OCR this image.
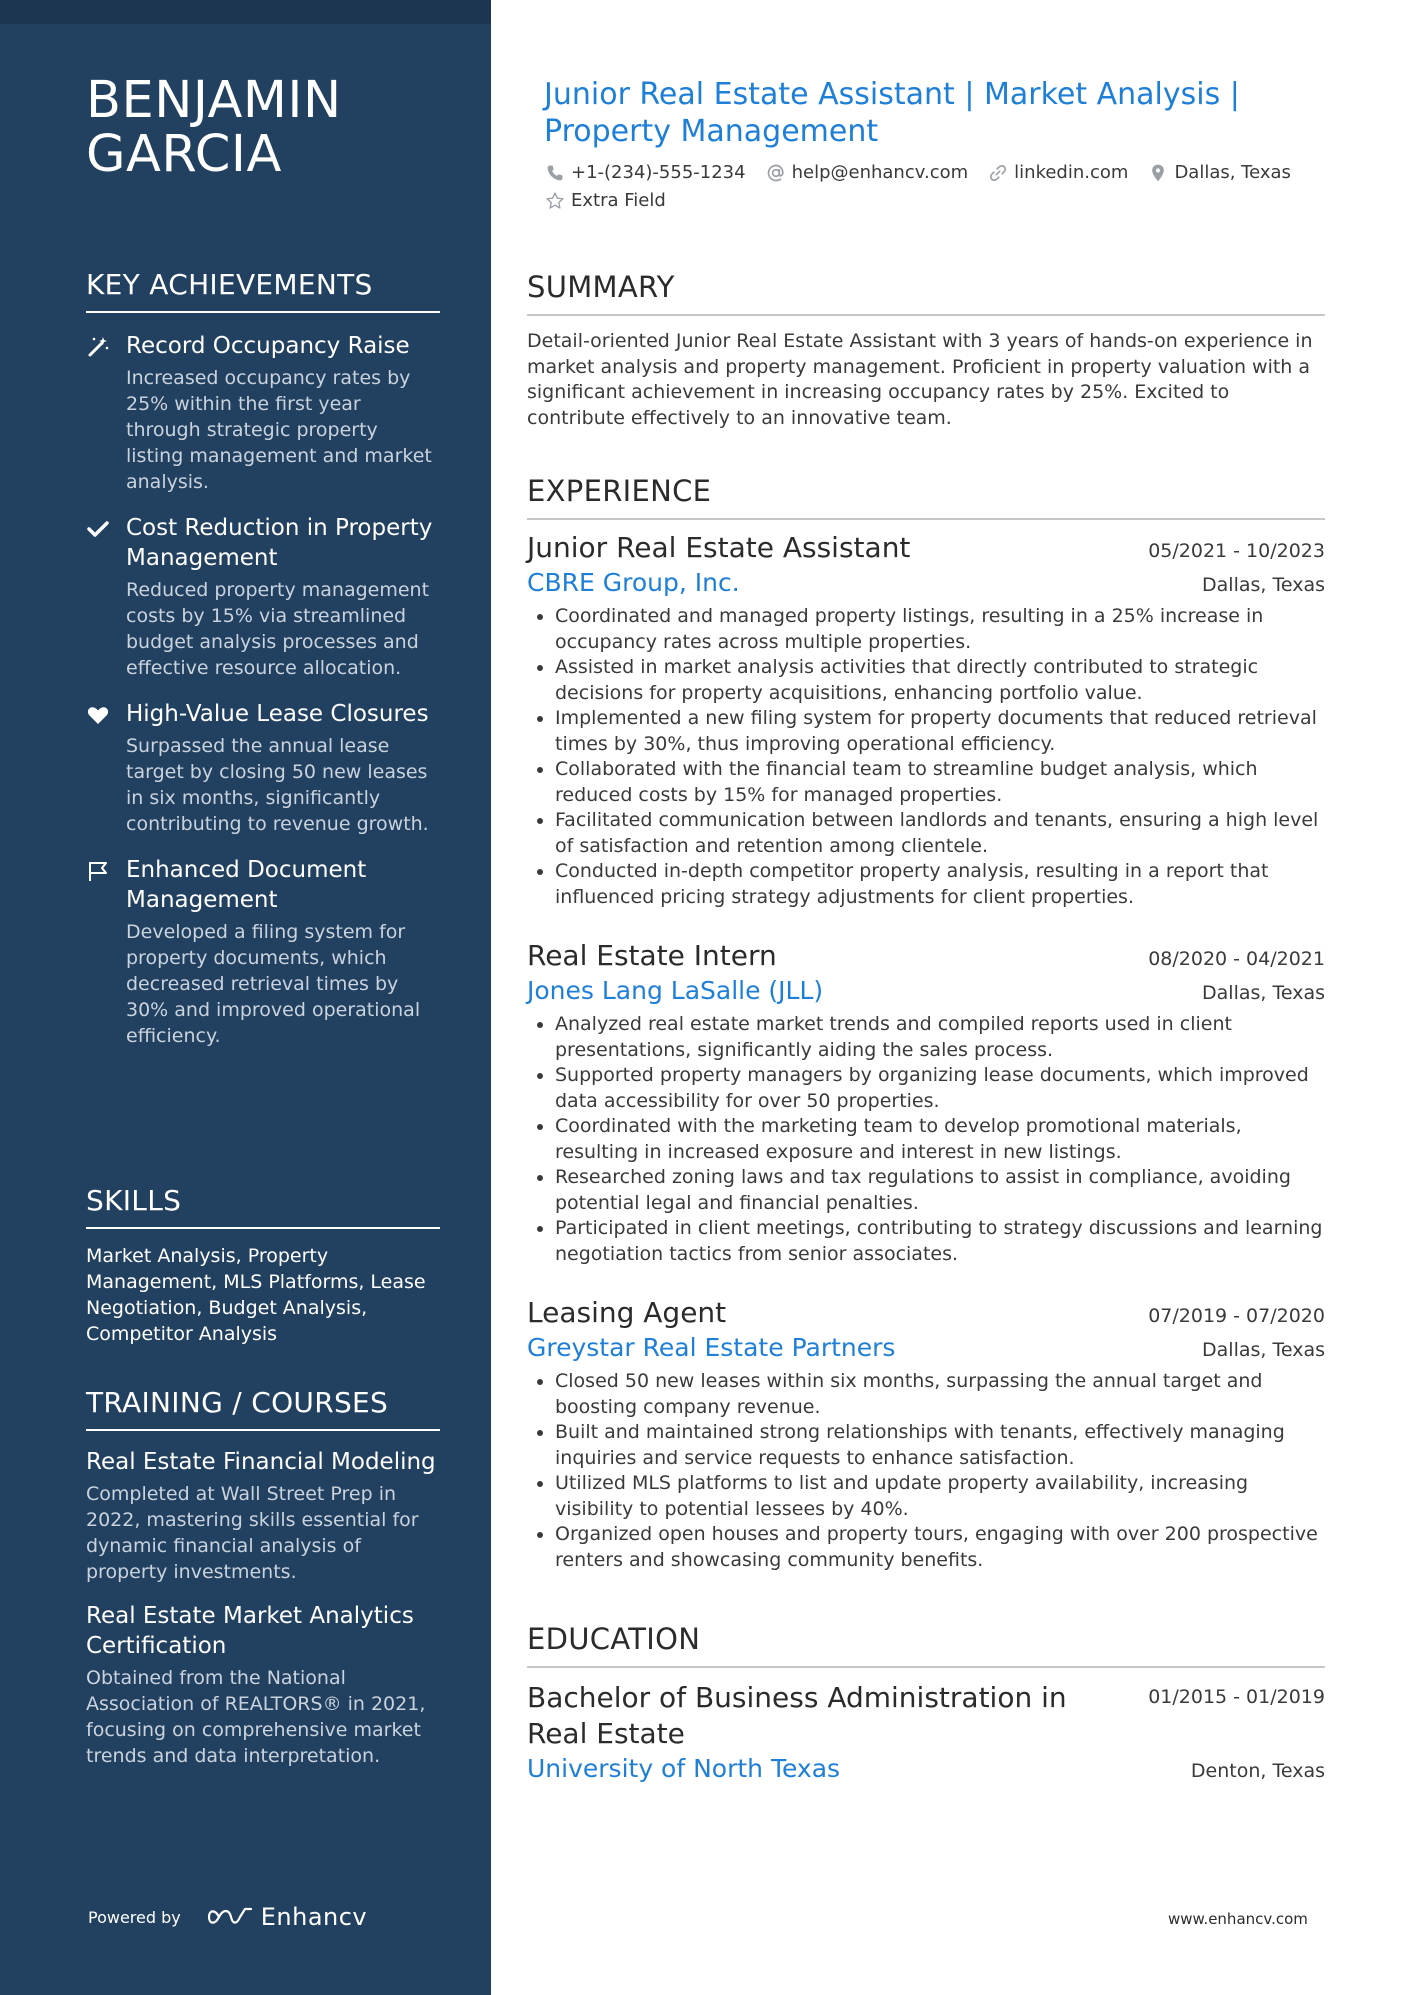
BENJAMIN
GARCIA
KEY ACHIEVEMENTS
Record Occupancy Raise
Increased occupancy rates by 25% within the first year through strategic property listing management and market analysis.
Cost Reduction in Property Management
Reduced property management costs by 15% via streamlined budget analysis processes and effective resource allocation.
High-Value Lease Closures
Surpassed the annual lease target by closing 50 new leases in six months, significantly contributing to revenue growth.
Enhanced Document Management
Developed a filing system for property documents, which decreased retrieval times by 30% and improved operational efficiency.
SKILLS
Market Analysis, Property Management, MLS Platforms, Lease Negotiation, Budget Analysis, Competitor Analysis
TRAINING / COURSES
Real Estate Financial Modeling
Completed at Wall Street Prep in 2022, mastering skills essential for dynamic financial analysis of property investments.
Real Estate Market Analytics Certification
Obtained from the National Association of REALTORS® in 2021, focusing on comprehensive market trends and data interpretation.
Powered by	Enhancv
Junior Real Estate Assistant | Market Analysis | Property Management
+1-(234)-555-1234	help@enhancv.com	linkedin.com	Dallas, Texas
Extra Field
SUMMARY

Detail-oriented Junior Real Estate Assistant with 3 years of hands-on experience in market analysis and property management. Proficient in property valuation with a significant achievement in increasing occupancy rates by 25%. Excited to contribute effectively to an innovative team.

EXPERIENCE
Junior Real Estate Assistant	05/2021 - 10/2023
CBRE Group, Inc.	Dallas, Texas
• Coordinated and managed property listings, resulting in a 25% increase in occupancy rates across multiple properties.
• Assisted in market analysis activities that directly contributed to strategic decisions for property acquisitions, enhancing portfolio value.
• Implemented a new filing system for property documents that reduced retrieval times by 30%, thus improving operational efficiency.
• Collaborated with the financial team to streamline budget analysis, which reduced costs by 15% for managed properties.
• Facilitated communication between landlords and tenants, ensuring a high level of satisfaction and retention among clientele.
• Conducted in-depth competitor property analysis, resulting in a report that influenced pricing strategy adjustments for client properties.
Real Estate Intern	08/2020 - 04/2021
Jones Lang LaSalle (JLL)	Dallas, Texas
• Analyzed real estate market trends and compiled reports used in client presentations, significantly aiding the sales process.
• Supported property managers by organizing lease documents, which improved data accessibility for over 50 properties.
• Coordinated with the marketing team to develop promotional materials, resulting in increased exposure and interest in new listings.
• Researched zoning laws and tax regulations to assist in compliance, avoiding potential legal and financial penalties.
• Participated in client meetings, contributing to strategy discussions and learning negotiation tactics from senior associates.
Leasing Agent	07/2019 - 07/2020
Greystar Real Estate Partners	Dallas, Texas
• Closed 50 new leases within six months, surpassing the annual target and boosting company revenue.
• Built and maintained strong relationships with tenants, effectively managing inquiries and service requests to enhance satisfaction.
• Utilized MLS platforms to list and update property availability, increasing visibility to potential lessees by 40%.
• Organized open houses and property tours, engaging with over 200 prospective renters and showcasing community benefits.
EDUCATION
Bachelor of Business Administration in Real Estate
01/2015 - 01/2019
University of North Texas	Denton, Texas
www.enhancv.com
